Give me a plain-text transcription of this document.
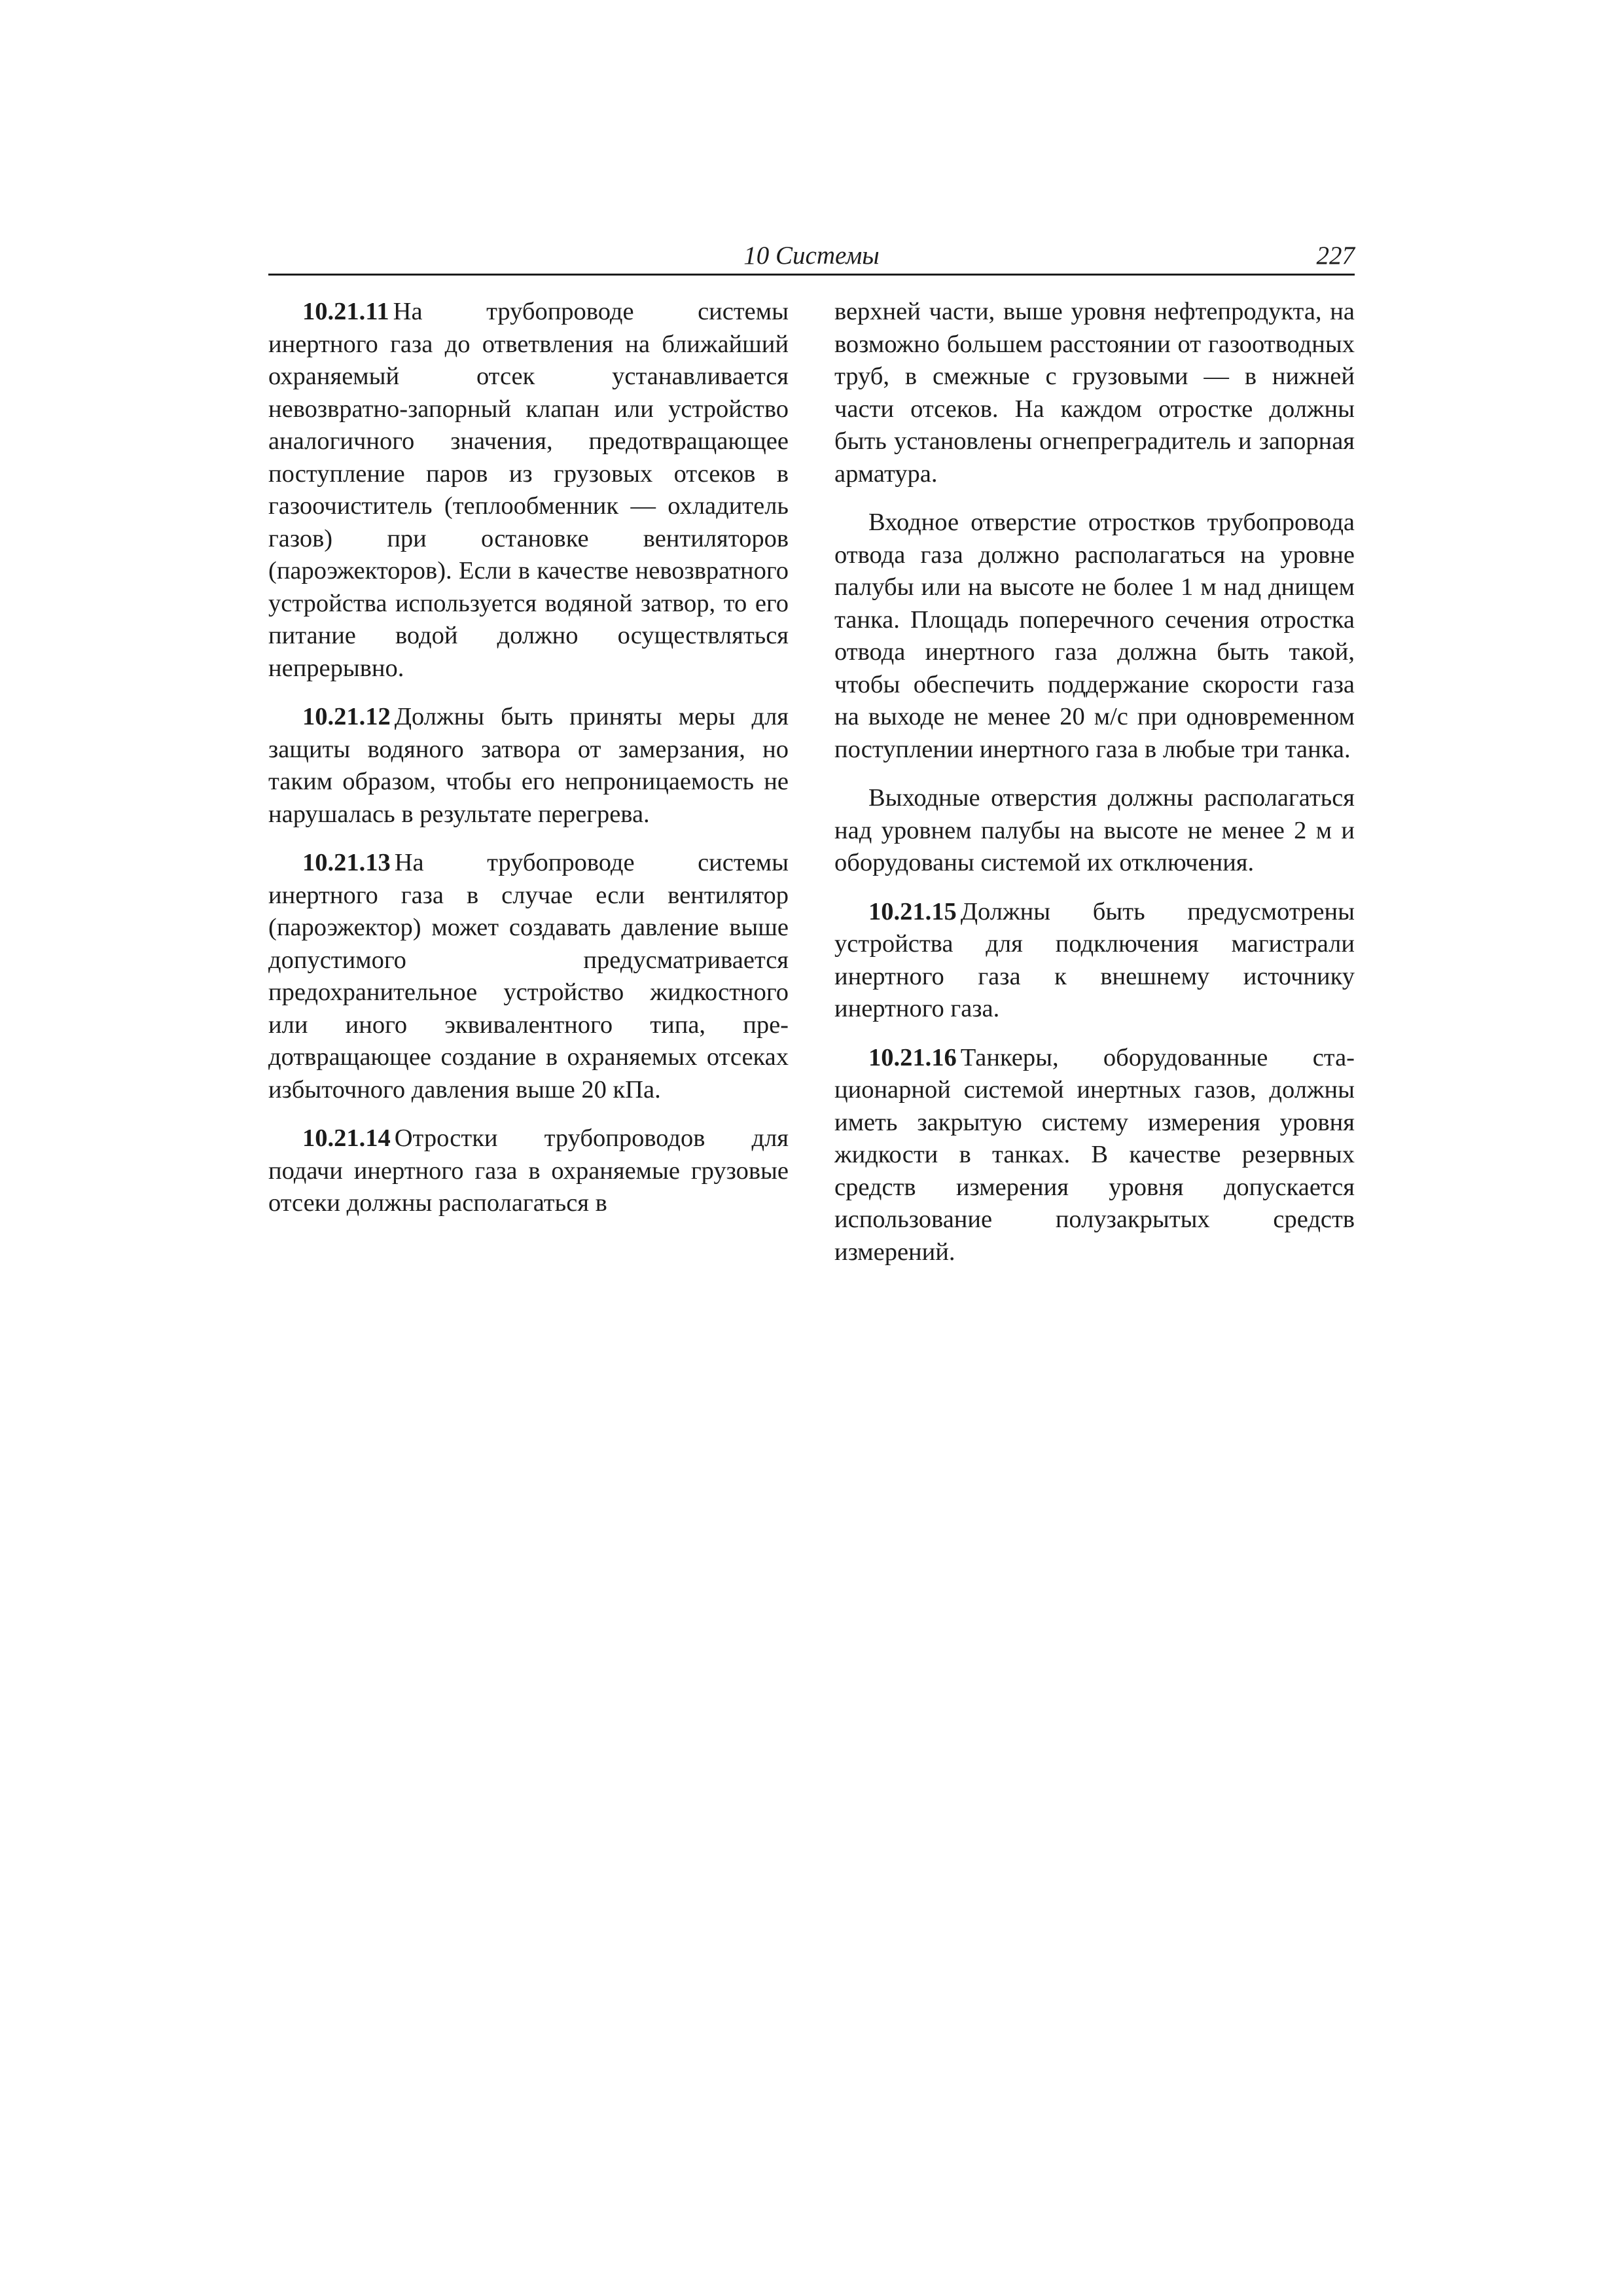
10 Системы	227

10.21.11 На трубопроводе системы инертного газа до ответвления на ближайший охраняемый отсек устанавливается невозвратно-запорный клапан или устройство аналогичного значения, предотвращающее поступление паров из грузовых отсеков в газоочиститель (теплообменник — охладитель газов) при остановке вентиляторов (пароэжекторов). Если в качестве невозвратного устройства используется водяной затвор, то его питание водой должно осуществляться непрерывно.

10.21.12 Должны быть приняты меры для защиты водяного затвора от замерзания, но таким образом, чтобы его непроницаемость не нарушалась в результате перегрева.

10.21.13 На трубопроводе системы инертного газа в случае если вентилятор (пароэжектор) может создавать давление выше допустимого предусматривается предохранительное устройство жидкостного или иного эквивалентного типа, предотвращающее создание в охраняемых отсеках избыточного давления выше 20 кПа.

10.21.14 Отростки трубопроводов для подачи инертного газа в охраняемые грузовые отсеки должны располагаться в

верхней части, выше уровня нефтепродукта, на возможно большем расстоянии от газоотводных труб, в смежные с грузовыми — в нижней части отсеков. На каждом отростке должны быть установлены огнепреградитель и запорная арматура.

Входное отверстие отростков трубопровода отвода газа должно располагаться на уровне палубы или на высоте не более 1 м над днищем танка. Площадь поперечного сечения отростка отвода инертного газа должна быть такой, чтобы обеспечить поддержание скорости газа на выходе не менее 20 м/с при одновременном поступлении инертного газа в любые три танка.

Выходные отверстия должны располагаться над уровнем палубы на высоте не менее 2 м и оборудованы системой их отключения.

10.21.15 Должны быть предусмотрены устройства для подключения магистрали инертного газа к внешнему источнику инертного газа.

10.21.16 Танкеры, оборудованные стационарной системой инертных газов, должны иметь закрытую систему измерения уровня жидкости в танках. В качестве резервных средств измерения уровня допускается использование полузакрытых средств измерений.
